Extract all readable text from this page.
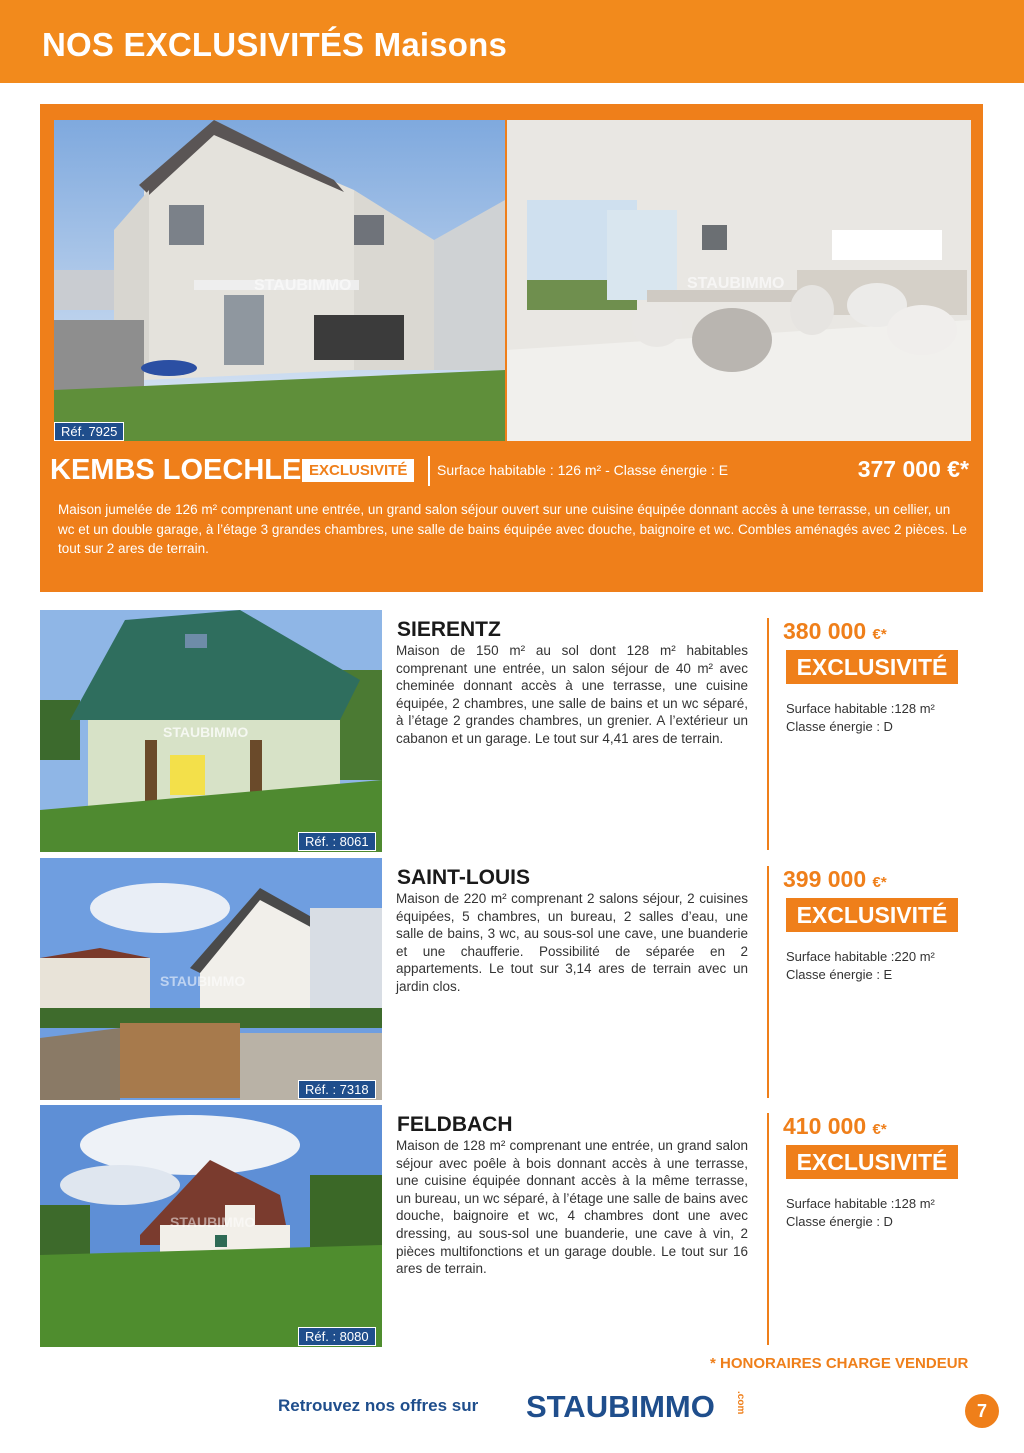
NOS EXCLUSIVITÉS Maisons
STAUBIMMO	STAUBIMMO
Réf. 7925
KEMBS LOECHLE EXCLUSIVITÉ	Surface habitable : 126 m² - Classe énergie : E	377 000 €*
Maison jumelée de 126 m² comprenant une entrée, un grand salon séjour ouvert sur une cuisine équipée donnant accès à une terrasse, un cellier, un wc et un double garage, à l’étage 3 grandes chambres, une salle de bains équipée avec douche, baignoire et wc. Combles aménagés avec 2 pièces. Le tout sur 2 ares de terrain.
STAUBIMMO
Réf. : 8061
SIERENTZ
Maison de 150 m² au sol dont 128 m² habitables comprenant une entrée, un salon séjour de 40 m² avec cheminée donnant accès à une terrasse, une cuisine équipée, 2 chambres, une salle de bains et un wc séparé, à l’étage 2 grandes chambres, un grenier. A l’extérieur un cabanon et un garage. Le tout sur 4,41 ares de terrain.
380 000 €*
EXCLUSIVITÉ
Surface habitable :128 m²
Classe énergie : D
STAUBIMMO
Réf. : 7318
SAINT-LOUIS
Maison de 220 m² comprenant 2 salons séjour, 2 cuisines équipées, 5 chambres, un bureau, 2 salles d’eau, une salle de bains, 3 wc, au sous-sol une cave, une buanderie et une chaufferie. Possibilité de séparée en 2 appartements. Le tout sur 3,14 ares de terrain avec un jardin clos.
399 000 €*
EXCLUSIVITÉ
Surface habitable :220 m²
Classe énergie : E
STAUBIMMO
Réf. : 8080
FELDBACH
Maison de 128 m² comprenant une entrée, un grand salon séjour avec poêle à bois donnant accès à une terrasse, une cuisine équipée donnant accès à la même terrasse, un bureau, un wc séparé, à l’étage une salle de bains avec douche, baignoire et wc, 4 chambres dont une avec dressing, au sous-sol une buanderie, une cave à vin, 2 pièces multifonctions et un garage double. Le tout sur 16 ares de terrain.
410 000 €*
EXCLUSIVITÉ
Surface habitable :128 m²
Classe énergie : D
* HONORAIRES CHARGE VENDEUR
Retrouvez nos offres sur STAUBIMMO .com	7
